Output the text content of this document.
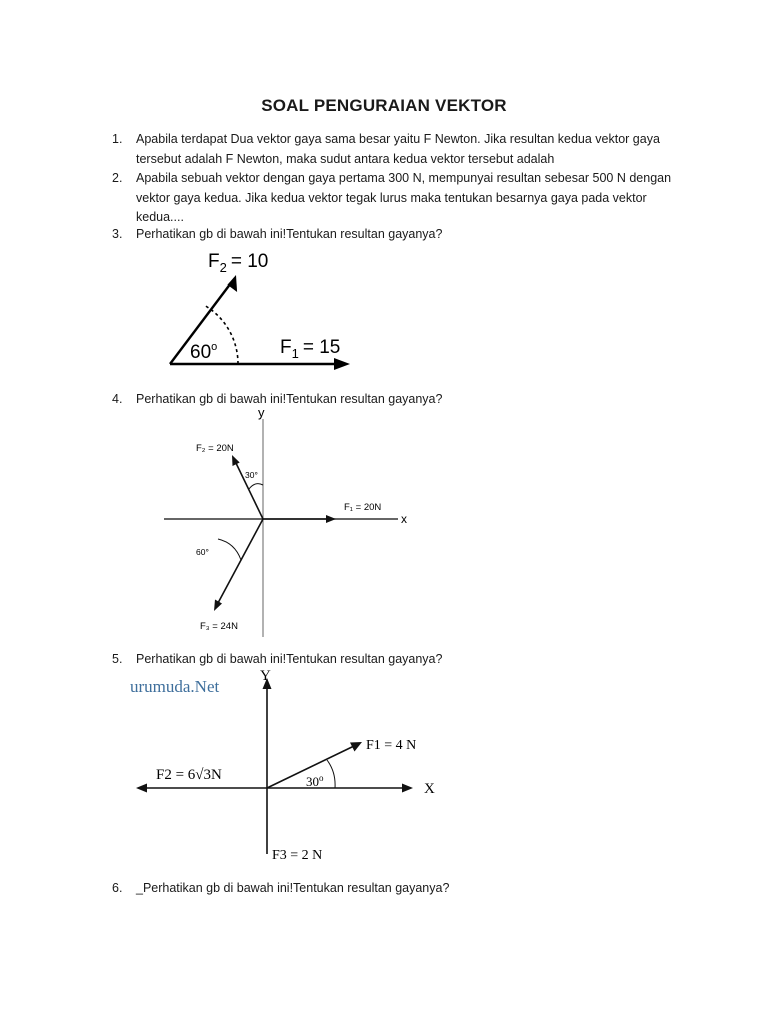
SOAL PENGURAIAN VEKTOR
1.	Apabila terdapat Dua vektor gaya sama besar yaitu F Newton. Jika resultan kedua vektor gaya tersebut adalah F Newton, maka sudut antara kedua vektor tersebut adalah
2.	Apabila sebuah vektor dengan gaya pertama 300 N, mempunyai resultan sebesar 500 N dengan vektor gaya kedua. Jika kedua vektor tegak lurus maka tentukan besarnya gaya pada vektor kedua....
3.	Perhatikan gb di bawah ini!Tentukan resultan gayanya?
$F_2 = 10$
$F_1 = 15$
60$^o$
4.	Perhatikan gb di bawah ini!Tentukan resultan gayanya?
y
x
F₂ = 20N
F₁ = 20N
F₃ = 24N
30°
60°
5.	Perhatikan gb di bawah ini!Tentukan resultan gayanya?
urumuda.Net
Y
X
F1 = 4 N
F2 = 6√3N
F3 = 2 N
30$^o$
6.	_Perhatikan gb di bawah ini!Tentukan resultan gayanya?
